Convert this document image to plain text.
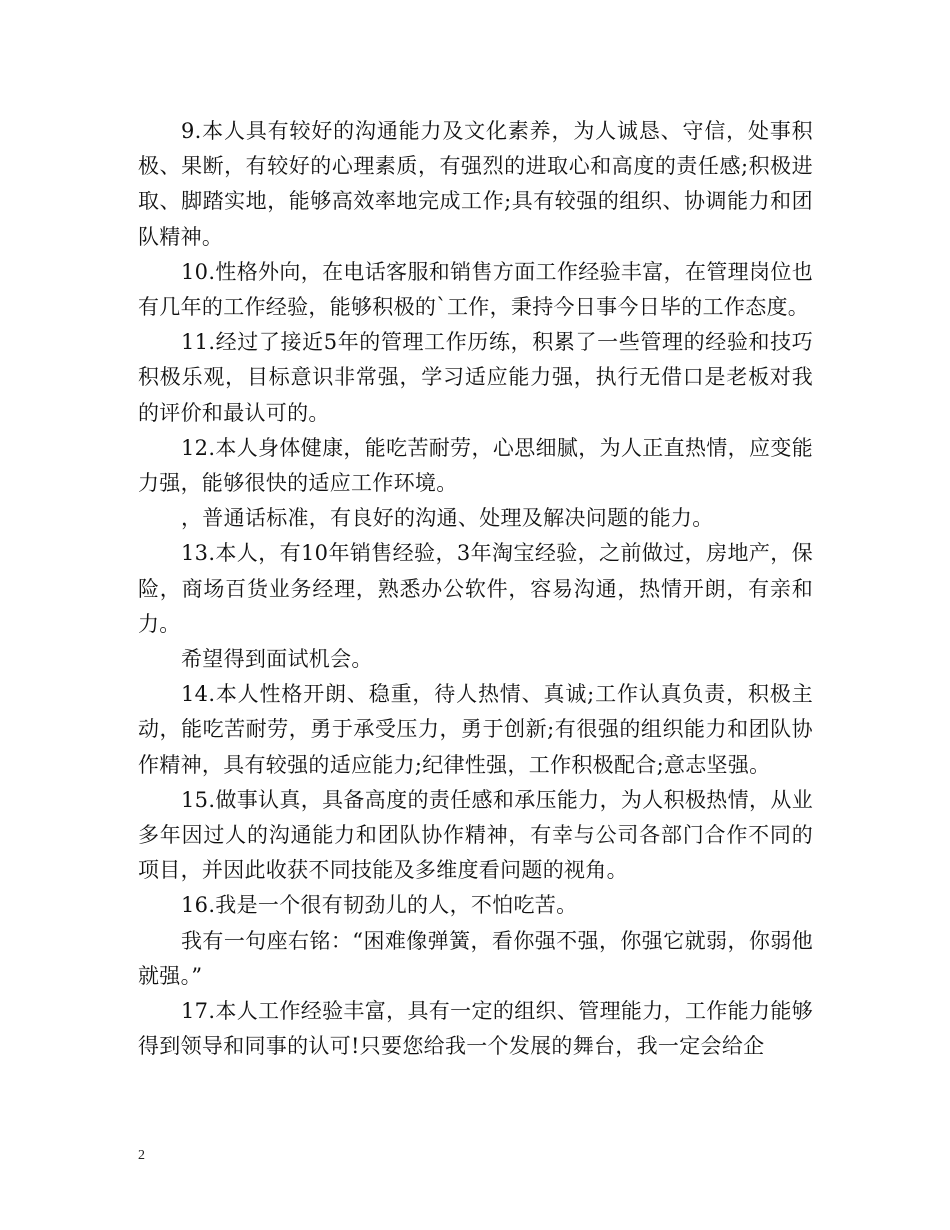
9.本人具有较好的沟通能力及文化素养，为人诚恳、守信，处事积极、果断，有较好的心理素质，有强烈的进取心和高度的责任感;积极进取、脚踏实地，能够高效率地完成工作;具有较强的组织、协调能力和团队精神。

10.性格外向，在电话客服和销售方面工作经验丰富，在管理岗位也有几年的工作经验，能够积极的`工作，秉持今日事今日毕的工作态度。

11.经过了接近5年的管理工作历练，积累了一些管理的经验和技巧积极乐观，目标意识非常强，学习适应能力强，执行无借口是老板对我的评价和最认可的。

12.本人身体健康，能吃苦耐劳，心思细腻，为人正直热情，应变能力强，能够很快的适应工作环境。

，普通话标准，有良好的沟通、处理及解决问题的能力。

13.本人，有10年销售经验，3年淘宝经验，之前做过，房地产，保险，商场百货业务经理，熟悉办公软件，容易沟通，热情开朗，有亲和力。

希望得到面试机会。

14.本人性格开朗、稳重，待人热情、真诚;工作认真负责，积极主动，能吃苦耐劳，勇于承受压力，勇于创新;有很强的组织能力和团队协作精神，具有较强的适应能力;纪律性强，工作积极配合;意志坚强。

15.做事认真，具备高度的责任感和承压能力，为人积极热情，从业多年因过人的沟通能力和团队协作精神，有幸与公司各部门合作不同的项目，并因此收获不同技能及多维度看问题的视角。

16.我是一个很有韧劲儿的人，不怕吃苦。

我有一句座右铭：“困难像弹簧，看你强不强，你强它就弱，你弱他就强。”

17.本人工作经验丰富，具有一定的组织、管理能力，工作能力能够得到领导和同事的认可!只要您给我一个发展的舞台，我一定会给企

2
